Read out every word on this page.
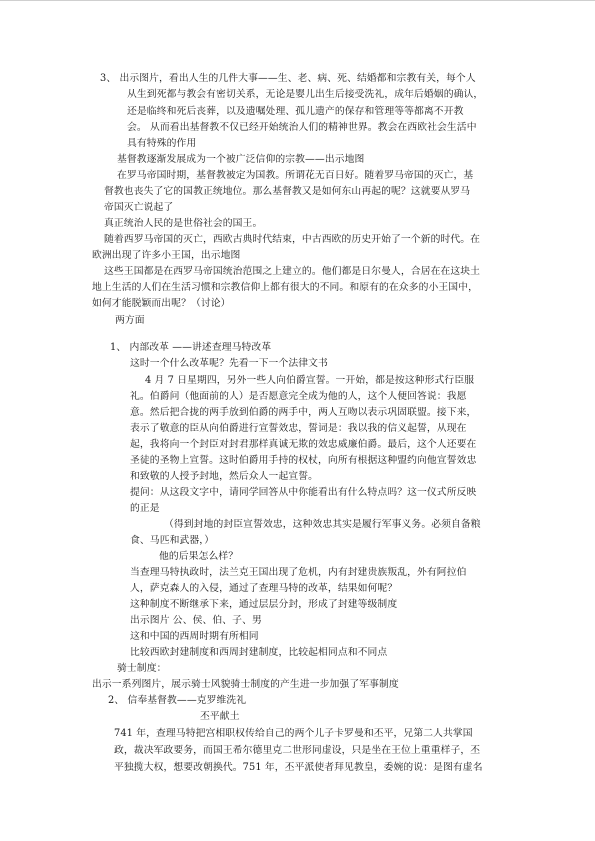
3、 出示图片，看出人生的几件大事——生、老、病、死、结婚都和宗教有关，每个人

从生到死都与教会有密切关系，无论是婴儿出生后接受洗礼，成年后婚姻的确认，

还是临终和死后丧葬，以及遗嘱处理、孤儿遗产的保存和管理等等都离不开教

会。 从而看出基督教不仅已经开始统治人们的精神世界。教会在西欧社会生活中

具有特殊的作用

基督教逐渐发展成为一个被广泛信仰的宗教——出示地图

在罗马帝国时期，基督教被定为国教。所谓花无百日好。随着罗马帝国的灭亡，基

督教也丧失了它的国教正统地位。那么基督教又是如何东山再起的呢？这就要从罗马

帝国灭亡说起了

真正统治人民的是世俗社会的国王。

随着西罗马帝国的灭亡，西欧古典时代结束，中古西欧的历史开始了一个新的时代。在

欧洲出现了许多小王国，出示地图

这些王国都是在西罗马帝国统治范围之上建立的。他们都是日尔曼人，合居在在这块土

地上生活的人们在生活习惯和宗教信仰上都有很大的不同。和原有的在众多的小王国中，

如何才能脱颖而出呢？（讨论）

两方面

1、 内部改革 ——讲述查理马特改革

这时一个什么改革呢？先看一下一个法律文书

4 月 7 日星期四，另外一些人向伯爵宣誓。一开始，都是按这种形式行臣服

礼。伯爵问（他面前的人）是否愿意完全成为他的人，这个人便回答说：我愿

意。然后把合拢的两手放到伯爵的两手中，两人互吻以表示巩固联盟。接下来，

表示了敬意的臣从向伯爵进行宣誓效忠，誓词是：我以我的信义起誓，从现在

起，我将向一个封臣对封君那样真诚无欺的效忠威廉伯爵。最后，这个人还要在

圣徒的圣物上宣誓。这时伯爵用手持的权杖，向所有根据这种盟约向他宣誓效忠

和致敬的人授予封地，然后众人一起宣誓。

提问：从这段文字中，请同学回答从中你能看出有什么特点吗？这一仪式所反映

的正是

（得到封地的封臣宣誓效忠，这种效忠其实是履行军事义务。必须自备粮

食、马匹和武器，）

他的后果怎么样？

当查理马特执政时，法兰克王国出现了危机，内有封建贵族叛乱，外有阿拉伯

人，萨克森人的入侵，通过了查理马特的改革，结果如何呢？

这种制度不断继承下来，通过层层分封，形成了封建等级制度

出示图片 公、侯、伯、子、男

这和中国的西周时期有所相同

比较西欧封建制度和西周封建制度，比较起相同点和不同点

骑士制度：

出示一系列图片，展示骑士风貌骑士制度的产生进一步加强了军事制度

2、 信奉基督教——克罗维洗礼

丕平献土

741 年，查理马特把宫相职权传给自己的两个儿子卡罗曼和丕平，兄第二人共掌国

政，裁决军政要务，而国王希尔德里克二世形同虚设，只是坐在王位上重重样子，丕

平独揽大权，想要改朝换代。751 年，丕平派使者拜见教皇，委婉的说：是图有虚名
